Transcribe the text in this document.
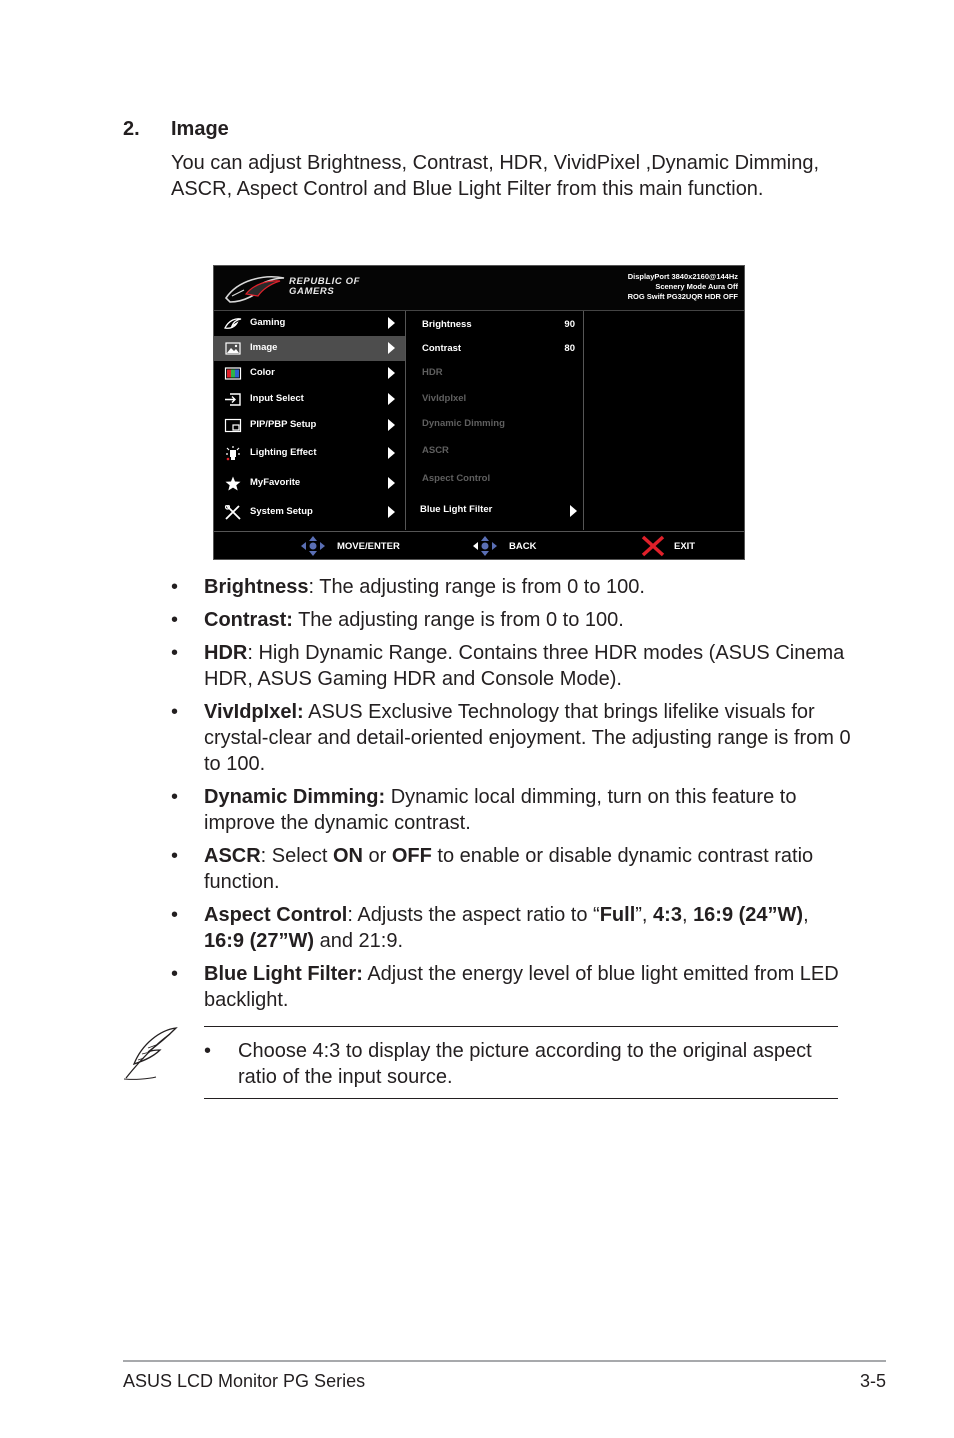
2. Image
You can adjust Brightness, Contrast, HDR, VividPixel ,Dynamic Dimming, ASCR, Aspect Control and Blue Light Filter from this main function.
REPUBLIC OF
GAMERS
DisplayPort 3840x2160@144Hz
Scenery Mode Aura Off
ROG Swift PG32UQR HDR OFF
Gaming
Image
Color
Input Select
PIP/PBP Setup
Lighting Effect
MyFavorite
System Setup
Brightness	90
Contrast	80
HDR
VivIdpIxel
Dynamic Dimming
ASCR
Aspect Control
Blue Light Filter
MOVE/ENTER	BACK	EXIT
• Brightness: The adjusting range is from 0 to 100.
• Contrast: The adjusting range is from 0 to 100.
• HDR: High Dynamic Range. Contains three HDR modes (ASUS Cinema HDR, ASUS Gaming HDR and Console Mode).
• VivIdpIxel: ASUS Exclusive Technology that brings lifelike visuals for crystal-clear and detail-oriented enjoyment. The adjusting range is from 0 to 100.
• Dynamic Dimming: Dynamic local dimming, turn on this feature to improve the dynamic contrast.
• ASCR: Select ON or OFF to enable or disable dynamic contrast ratio function.
• Aspect Control: Adjusts the aspect ratio to “Full”, 4:3, 16:9 (24”W), 16:9 (27”W) and 21:9.
• Blue Light Filter: Adjust the energy level of blue light emitted from LED backlight.
• Choose 4:3 to display the picture according to the original aspect ratio of the input source.
ASUS LCD Monitor PG Series	3-5
